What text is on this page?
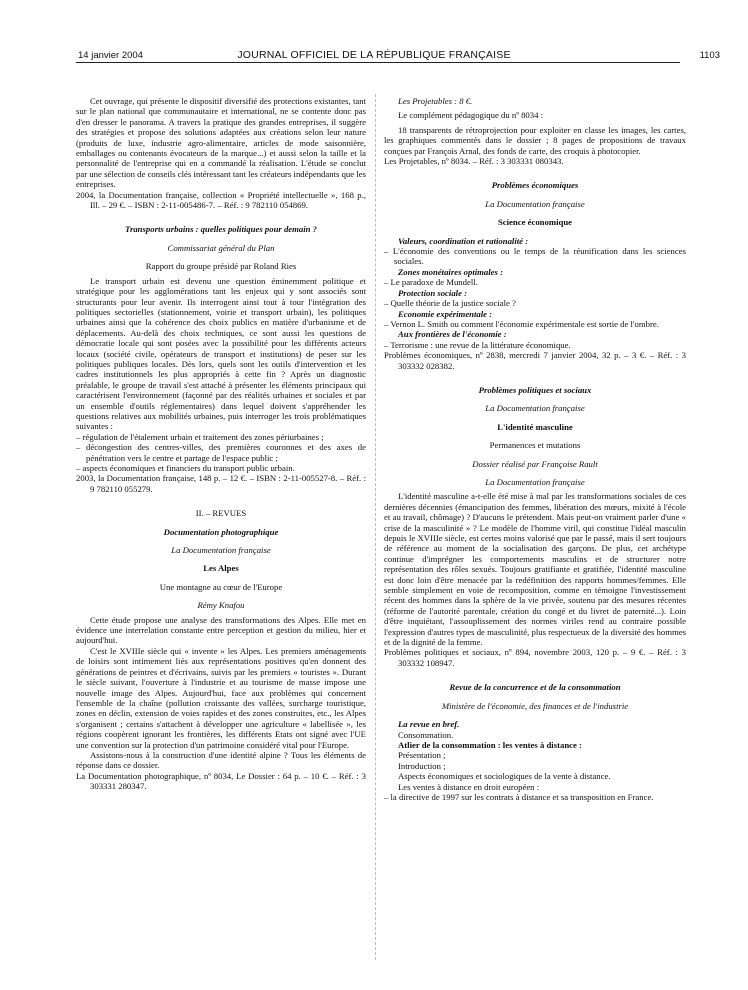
14 janvier 2004	JOURNAL OFFICIEL DE LA RÉPUBLIQUE FRANÇAISE	1103

Cet ouvrage, qui présente le dispositif diversifié des protections existantes, tant sur le plan national que communautaire et international, ne se contente donc pas d'en dresser le panorama. A travers la pratique des grandes entreprises, il suggère des stratégies et propose des solutions adaptées aux créations selon leur nature (produits de luxe, industrie agro-alimentaire, articles de mode saisonnière, emballages ou contenants évocateurs de la marque...) et aussi selon la taille et la personnalité de l'entreprise qui en a commandé la réalisation. L'étude se conclut par une sélection de conseils clés intéressant tant les créateurs indépendants que les entreprises.

2004, la Documentation française, collection « Propriété intellectuelle », 168 p., Ill. – 29 €. – ISBN : 2-11-005486-7. – Réf. : 9 782110 054869.

Transports urbains : quelles politiques pour demain ?

Commissariat général du Plan

Rapport du groupe présidé par Roland Ries

Le transport urbain est devenu une question éminemment politique et stratégique pour les agglomérations tant les enjeux qui y sont associés sont structurants pour leur avenir. Ils interrogent ainsi tout à tour l'intégration des politiques sectorielles (stationnement, voirie et transport urbain), les politiques urbaines ainsi que la cohérence des choix publics en matière d'urbanisme et de déplacements. Au-delà des choix techniques, ce sont aussi les questions de démocratie locale qui sont posées avec la possibilité pour les différents acteurs locaux (société civile, opérateurs de transport et institutions) de peser sur les politiques publiques locales. Dès lors, quels sont les outils d'intervention et les cadres institutionnels les plus appropriés à cette fin ? Après un diagnostic préalable, le groupe de travail s'est attaché à présenter les éléments principaux qui caractérisent l'environnement (façonné par des réalités urbaines et sociales et par un ensemble d'outils réglementaires) dans lequel doivent s'appréhender les questions relatives aux mobilités urbaines, puis interroger les trois problématiques suivantes :

– régulation de l'étalement urbain et traitement des zones périurbaines ;

– décongestion des centres-villes, des premières couronnes et des axes de pénétration vers le centre et partage de l'espace public ;

– aspects économiques et financiers du transport public urbain.

2003, la Documentation française, 148 p. – 12 €. – ISBN : 2-11-005527-8. – Réf. : 9 782110 055279.

II. – REVUES

Documentation photographique

La Documentation française

Les Alpes

Une montagne au cœur de l'Europe

Rémy Knafou

Cette étude propose une analyse des transformations des Alpes. Elle met en évidence une interrelation constante entre perception et gestion du milieu, hier et aujourd'hui.

C'est le XVIIIe siècle qui « invente » les Alpes. Les premiers aménagements de loisirs sont intimement liés aux représentations positives qu'en donnent des générations de peintres et d'écrivains, suivis par les premiers « touristes ». Durant le siècle suivant, l'ouverture à l'industrie et au tourisme de masse impose une nouvelle image des Alpes. Aujourd'hui, face aux problèmes qui concernent l'ensemble de la chaîne (pollution croissante des vallées, surcharge touristique, zones en déclin, extension de voies rapides et des zones construites, etc., les Alpes s'organisent ; certains s'attachent à développer une agriculture « labellisée », les régions coopèrent ignorant les frontières, les différents Etats ont signé avec l'UE une convention sur la protection d'un patrimoine considéré vital pour l'Europe.

Assistons-nous à la construction d'une identité alpine ? Tous les éléments de réponse dans ce dossier.

La Documentation photographique, nº 8034, Le Dossier : 64 p. – 10 €. – Réf. : 3 303331 280347.

Les Projetables : 8 €.

Le complément pédagogique du nº 8034 :

18 transparents de rétroprojection pour exploiter en classe les images, les cartes, les graphiques commentés dans le dossier ; 8 pages de propositions de travaux conçues par François Arnal, des fonds de carte, des croquis à photocopier.

Les Projetables, nº 8034. – Réf. : 3 303331 080343.

Problèmes économiques

La Documentation française

Science économique

Valeurs, coordination et rationalité :

– L'économie des conventions ou le temps de la réunification dans les sciences sociales.

Zones monétaires optimales :

– Le paradoxe de Mundell.

Protection sociale :

– Quelle théorie de la justice sociale ?

Economie expérimentale :

– Vernon L. Smith ou comment l'économie expérimentale est sortie de l'ombre.

Aux frontières de l'économie :

– Terrorisme : une revue de la littérature économique.

Problèmes économiques, nº 2838, mercredi 7 janvier 2004, 32 p. – 3 €. – Réf. : 3 303332 028382.

Problèmes politiques et sociaux

La Documentation française

L'identité masculine

Permanences et mutations

Dossier réalisé par Françoise Rault

La Documentation française

L'identité masculine a-t-elle été mise à mal par les transformations sociales de ces dernières décennies (émancipation des femmes, libération des mœurs, mixité à l'école et au travail, chômage) ? D'aucuns le prétendent. Mais peut-on vraiment parler d'une « crise de la masculinité » ? Le modèle de l'homme viril, qui constitue l'idéal masculin depuis le XVIIIe siècle, est certes moins valorisé que par le passé, mais il sert toujours de référence au moment de la socialisation des garçons. De plus, cet archétype continue d'imprégner les comportements masculins et de structurer notre représentation des rôles sexués. Toujours gratifiante et gratifiée, l'identité masculine est donc loin d'être menacée par la redéfinition des rapports hommes/femmes. Elle semble simplement en voie de recomposition, comme en témoigne l'investissement récent des hommes dans la sphère de la vie privée, soutenu par des mesures récentes (réforme de l'autorité parentale, création du congé et du livret de paternité...). Loin d'être inquiétant, l'assouplissement des normes viriles rend au contraire possible l'expression d'autres types de masculinité, plus respectueux de la diversité des hommes et de la dignité de la femme.

Problèmes politiques et sociaux, nº 894, novembre 2003, 120 p. – 9 €. – Réf. : 3 303332 108947.

Revue de la concurrence et de la consommation

Ministère de l'économie, des finances et de l'industrie

La revue en bref.

Consommation.

Atlier de la consommation : les ventes à distance :

Présentation ;

Introduction ;

Aspects économiques et sociologiques de la vente à distance.

Les ventes à distance en droit européen :

– la directive de 1997 sur les contrats à distance et sa transposition en France.
